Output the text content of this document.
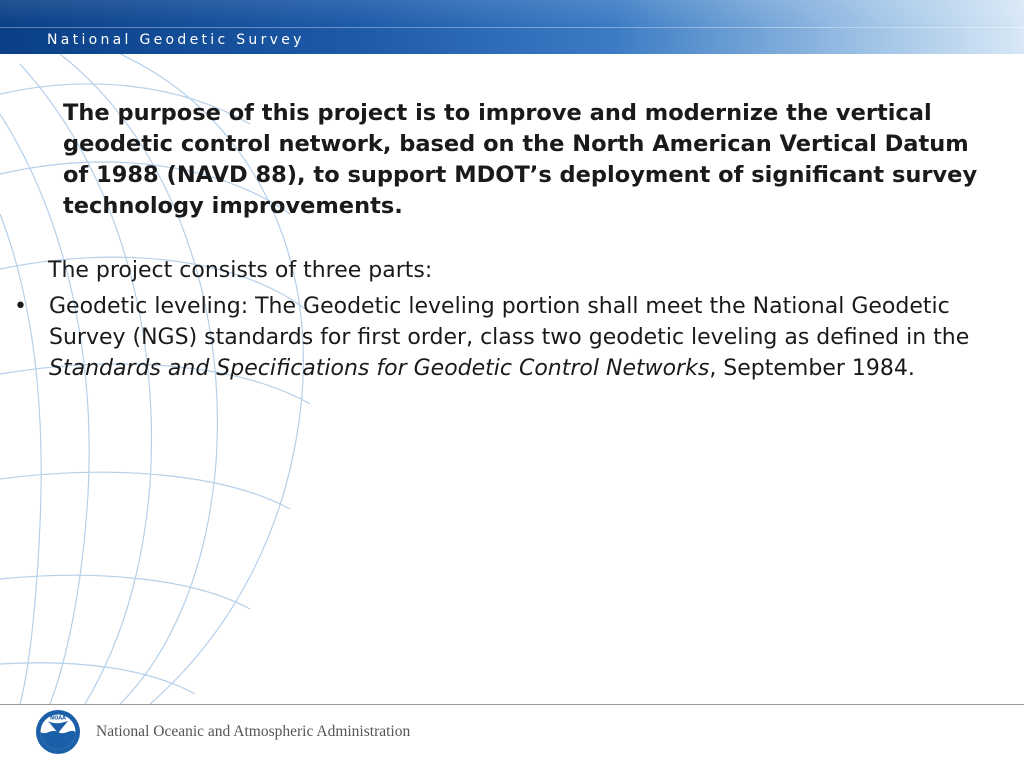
National Geodetic Survey

The purpose of this project is to improve and modernize the vertical geodetic control network, based on the North American Vertical Datum of 1988 (NAVD 88), to support MDOT’s deployment of significant survey technology improvements.

The project consists of three parts:

• Geodetic leveling: The Geodetic leveling portion shall meet the National Geodetic Survey (NGS) standards for first order, class two geodetic leveling as defined in the Standards and Specifications for Geodetic Control Networks, September 1984.
NOAA
National Oceanic and Atmospheric Administration
